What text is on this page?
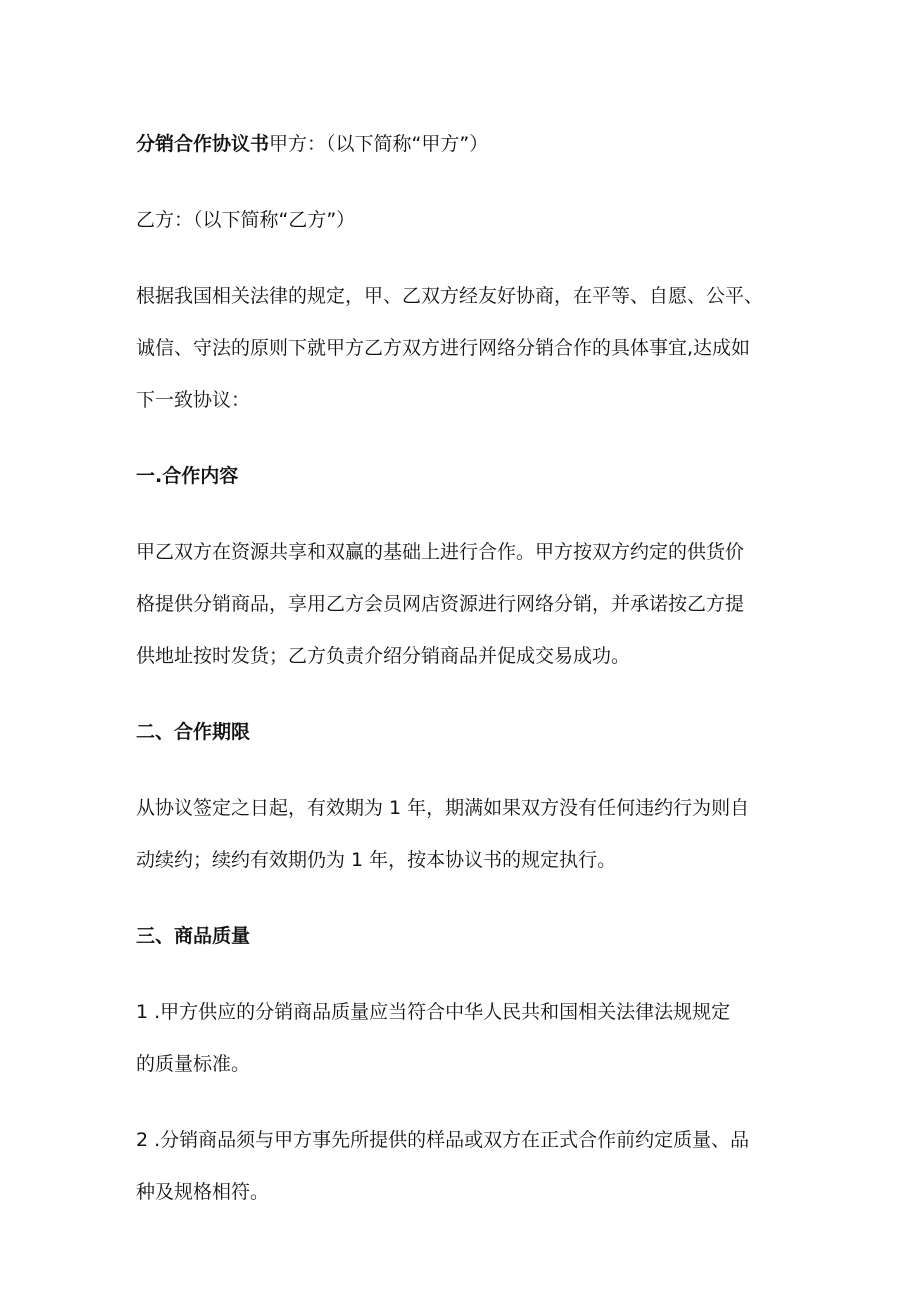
分销合作协议书甲方：（以下简称“甲方”）

乙方：（以下简称“乙方”）

根据我国相关法律的规定，甲、乙双方经友好协商，在平等、自愿、公平、
诚信、守法的原则下就甲方乙方双方进行网络分销合作的具体事宜,达成如
下一致协议：

一.合作内容

甲乙双方在资源共享和双赢的基础上进行合作。甲方按双方约定的供货价
格提供分销商品，享用乙方会员网店资源进行网络分销，并承诺按乙方提
供地址按时发货；乙方负责介绍分销商品并促成交易成功。

二、合作期限

从协议签定之日起，有效期为 1 年，期满如果双方没有任何违约行为则自
动续约；续约有效期仍为 1 年，按本协议书的规定执行。

三、商品质量

1 .甲方供应的分销商品质量应当符合中华人民共和国相关法律法规规定
的质量标准。

2 .分销商品须与甲方事先所提供的样品或双方在正式合作前约定质量、品
种及规格相符。
